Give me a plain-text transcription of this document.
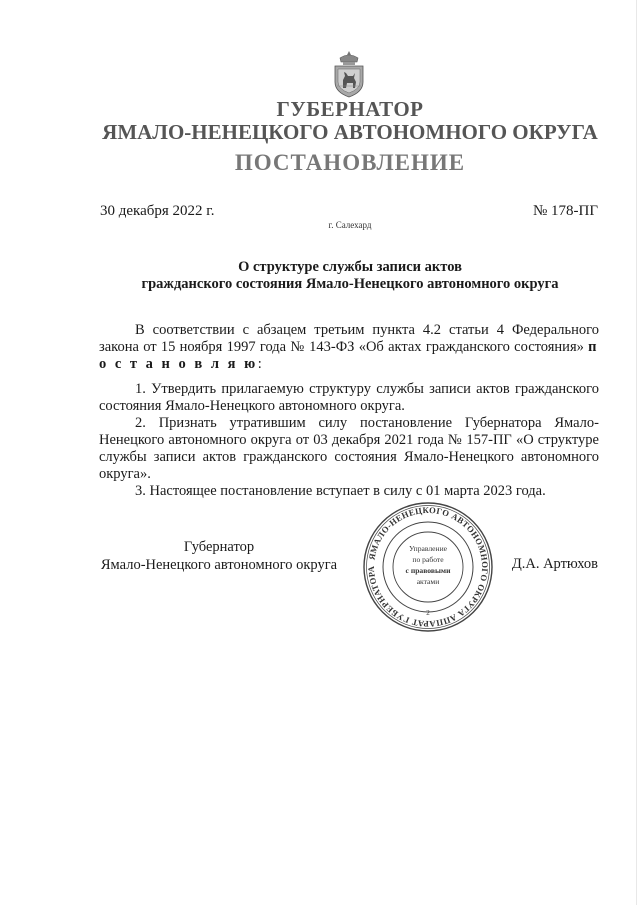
ГУБЕРНАТОР
ЯМАЛО-НЕНЕЦКОГО АВТОНОМНОГО ОКРУГА
ПОСТАНОВЛЕНИЕ
30 декабря 2022 г.	№ 178-ПГ
г. Салехард
О структуре службы записи актов
гражданского состояния Ямало-Ненецкого автономного округа
В соответствии с абзацем третьим пункта 4.2 статьи 4 Федерального закона от 15 ноября 1997 года № 143-ФЗ «Об актах гражданского состояния» п о с т а н о в л я ю:

1. Утвердить прилагаемую структуру службы записи актов гражданского состояния Ямало-Ненецкого автономного округа.

2. Признать утратившим силу постановление Губернатора Ямало-Ненецкого автономного округа от 03 декабря 2021 года № 157-ПГ «О структуре службы записи актов гражданского состояния Ямало-Ненецкого автономного округа».

3. Настоящее постановление вступает в силу с 01 марта 2023 года.

Губернатор
Ямало-Ненецкого автономного округа
ЯМАЛО-НЕНЕЦКОГО АВТОНОМНОГО ОКРУГА АППАРАТ ГУБЕРНАТОРА
Управление
по работе
с правовыми
актами
2
Д.А. Артюхов
